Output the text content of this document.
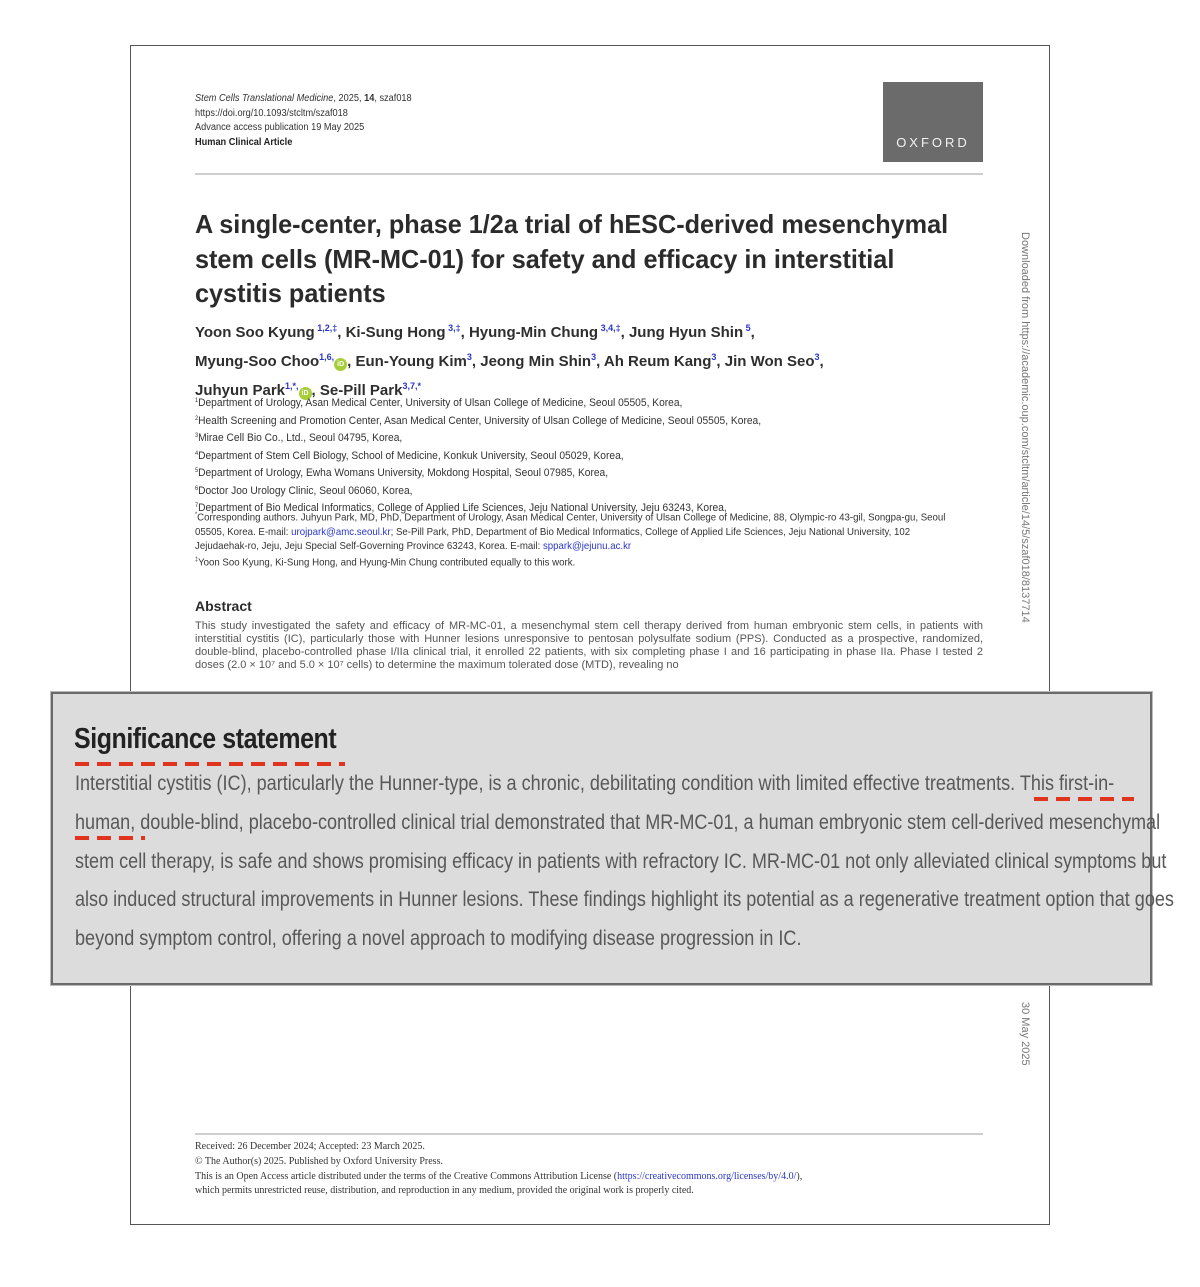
Stem Cells Translational Medicine, 2025, 14, szaf018
https://doi.org/10.1093/stcltm/szaf018
Advance access publication 19 May 2025
Human Clinical Article	OXFORD
A single-center, phase 1/2a trial of hESC-derived mesenchymal stem cells (MR-MC-01) for safety and efficacy in interstitial cystitis patients
Yoon Soo Kyung $^{1,2,\ddagger}$, Ki-Sung Hong $^{3,\ddagger}$, Hyung-Min Chung $^{3,4,\ddagger}$, Jung Hyun Shin $^5$,
Myung-Soo Choo$^{1,6,}$iD , Eun-Young Kim$^3$, Jeong Min Shin$^3$, Ah Reum Kang$^3$, Jin Won Seo$^3$,
Juhyun Park$^{1,*,}$iD , Se-Pill Park$^{3,7,*}$
$^1$Department of Urology, Asan Medical Center, University of Ulsan College of Medicine, Seoul 05505, Korea,
$^2$Health Screening and Promotion Center, Asan Medical Center, University of Ulsan College of Medicine, Seoul 05505, Korea,
$^3$Mirae Cell Bio Co., Ltd., Seoul 04795, Korea,
$^4$Department of Stem Cell Biology, School of Medicine, Konkuk University, Seoul 05029, Korea,
$^5$Department of Urology, Ewha Womans University, Mokdong Hospital, Seoul 07985, Korea,
$^6$Doctor Joo Urology Clinic, Seoul 06060, Korea,
$^7$Department of Bio Medical Informatics, College of Applied Life Sciences, Jeju National University, Jeju 63243, Korea,
*Corresponding authors. Juhyun Park, MD, PhD, Department of Urology, Asan Medical Center, University of Ulsan College of Medicine, 88, Olympic-ro 43-gil, Songpa-gu, Seoul 05505, Korea. E-mail: urojpark@amc.seoul.kr; Se-Pill Park, PhD, Department of Bio Medical Informatics, College of Applied Life Sciences, Jeju National University, 102 Jejudaehak-ro, Jeju, Jeju Special Self-Governing Province 63243, Korea. E-mail: sppark@jejunu.ac.kr
‡Yoon Soo Kyung, Ki-Sung Hong, and Hyung-Min Chung contributed equally to this work.
Abstract
This study investigated the safety and efficacy of MR-MC-01, a mesenchymal stem cell therapy derived from human embryonic stem cells, in patients with interstitial cystitis (IC), particularly those with Hunner lesions unresponsive to pentosan polysulfate sodium (PPS). Conducted as a prospective, randomized, double-blind, placebo-controlled phase I/IIa clinical trial, it enrolled 22 patients, with six completing phase I and 16 participating in phase IIa. Phase I tested 2 doses (2.0 × 10⁷ and 5.0 × 10⁷ cells) to determine the maximum tolerated dose (MTD), revealing no
Downloaded from https://academic.oup.com/stcltm/article/14/5/szaf018/8137714
30 May 2025
Received: 26 December 2024; Accepted: 23 March 2025.
© The Author(s) 2025. Published by Oxford University Press.
This is an Open Access article distributed under the terms of the Creative Commons Attribution License (https://creativecommons.org/licenses/by/4.0/),
which permits unrestricted reuse, distribution, and reproduction in any medium, provided the original work is properly cited.
Significance statement
Interstitial cystitis (IC), particularly the Hunner-type, is a chronic, debilitating condition with limited effective treatments. This first-in-
human, double-blind, placebo-controlled clinical trial demonstrated that MR-MC-01, a human embryonic stem cell-derived mesenchymal
stem cell therapy, is safe and shows promising efficacy in patients with refractory IC. MR-MC-01 not only alleviated clinical symptoms but
also induced structural improvements in Hunner lesions. These findings highlight its potential as a regenerative treatment option that goes
beyond symptom control, offering a novel approach to modifying disease progression in IC.
